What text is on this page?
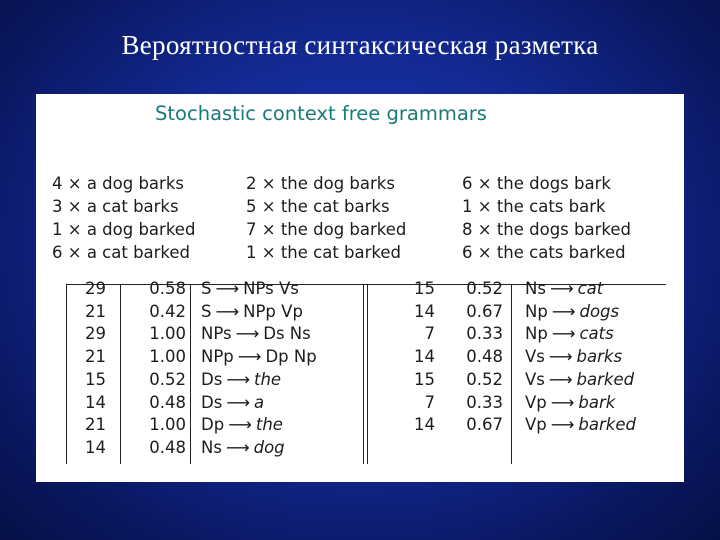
Вероятностная синтаксическая разметка
Stochastic context free grammars
4 × a dog barks
3 × a cat barks
1 × a dog barked
6 × a cat barked
2 × the dog barks
5 × the cat barks
7 × the dog barked
1 × the cat barked
6 × the dogs bark
1 × the cats bark
8 × the dogs barked
6 × the cats barked
29	0.58 S ⟶ NPs Vs
21	0.42 S ⟶ NPp Vp
29	1.00 NPs ⟶ Ds Ns
21	1.00 NPp ⟶ Dp Np
15	0.52 Ds ⟶ the
14	0.48 Ds ⟶ a
21	1.00 Dp ⟶ the
14	0.48 Ns ⟶ dog
15	0.52 Ns ⟶ cat
14	0.67 Np ⟶ dogs
7	0.33 Np ⟶ cats
14	0.48 Vs ⟶ barks
15	0.52 Vs ⟶ barked
7	0.33 Vp ⟶ bark
14	0.67 Vp ⟶ barked
